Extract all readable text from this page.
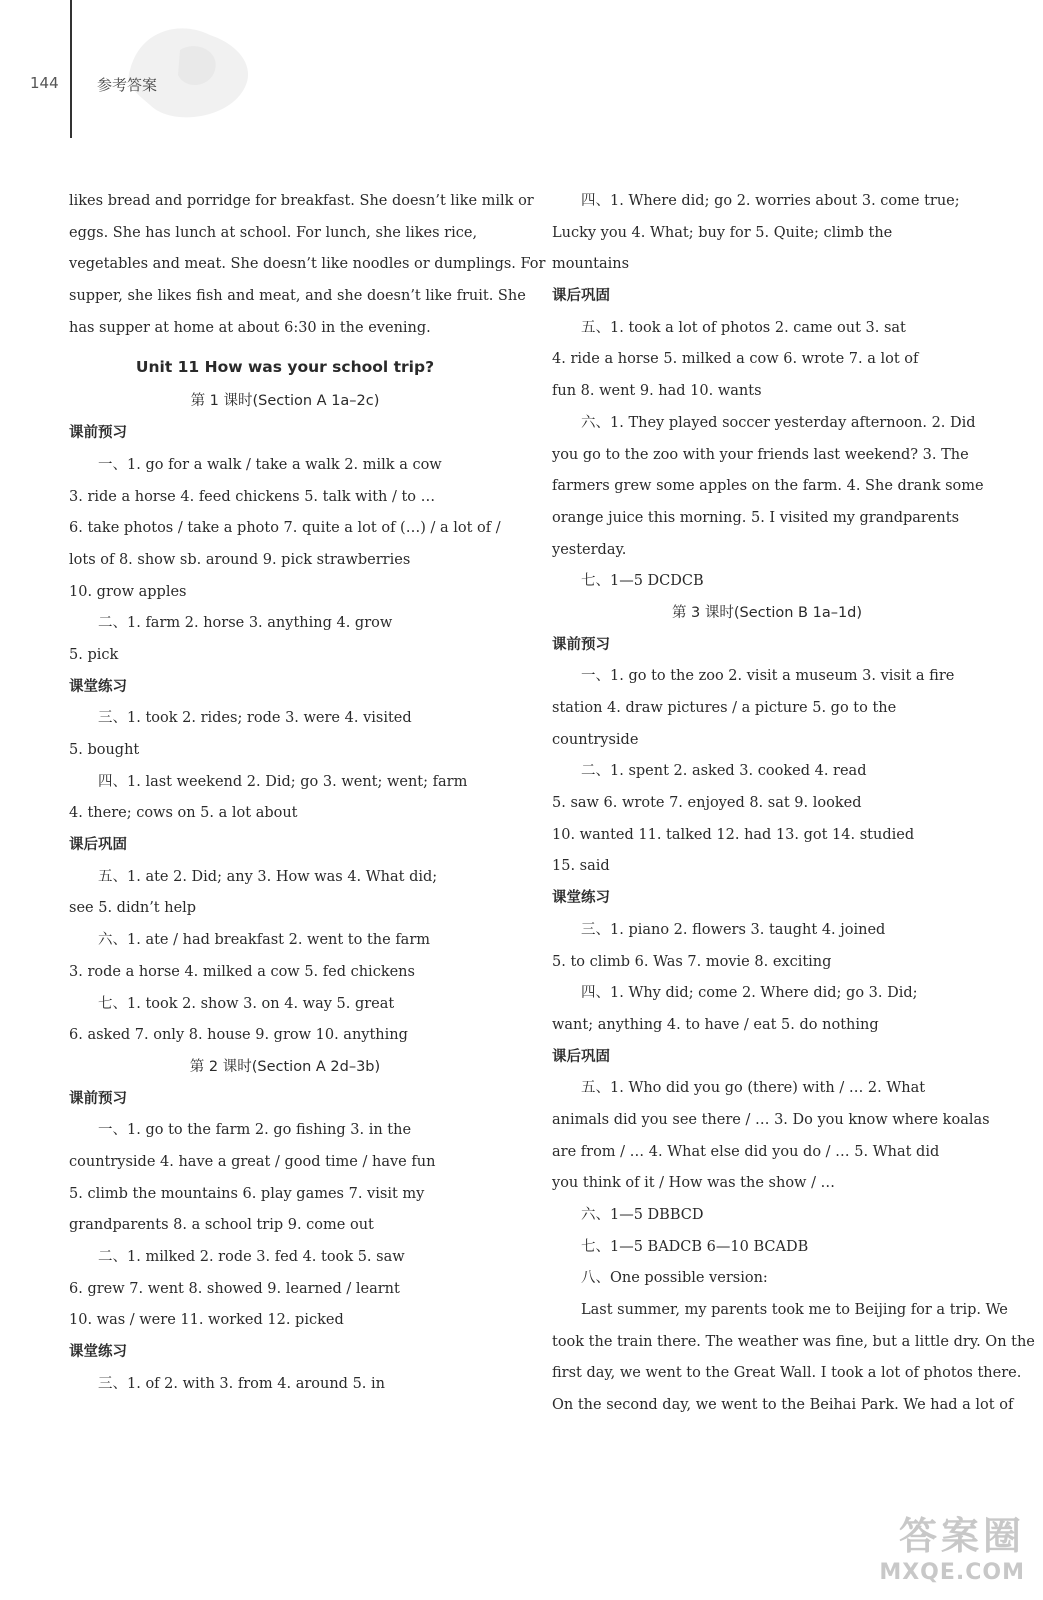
144	参考答案
likes bread and porridge for breakfast. She doesn’t like milk or
eggs. She has lunch at school. For lunch, she likes rice,
vegetables and meat. She doesn’t like noodles or dumplings. For
supper, she likes fish and meat, and she doesn’t like fruit. She
has supper at home at about 6:30 in the evening.
Unit 11 How was your school trip?
第 1 课时(Section A 1a–2c)
课前预习
一、1. go for a walk / take a walk 2. milk a cow
3. ride a horse 4. feed chickens 5. talk with / to …
6. take photos / take a photo 7. quite a lot of (…) / a lot of /
lots of 8. show sb. around 9. pick strawberries
10. grow apples
二、1. farm 2. horse 3. anything 4. grow
5. pick
课堂练习
三、1. took 2. rides; rode 3. were 4. visited
5. bought
四、1. last weekend 2. Did; go 3. went; went; farm
4. there; cows on 5. a lot about
课后巩固
五、1. ate 2. Did; any 3. How was 4. What did;
see 5. didn’t help
六、1. ate / had breakfast 2. went to the farm
3. rode a horse 4. milked a cow 5. fed chickens
七、1. took 2. show 3. on 4. way 5. great
6. asked 7. only 8. house 9. grow 10. anything
第 2 课时(Section A 2d–3b)
课前预习
一、1. go to the farm 2. go fishing 3. in the
countryside 4. have a great / good time / have fun
5. climb the mountains 6. play games 7. visit my
grandparents 8. a school trip 9. come out
二、1. milked 2. rode 3. fed 4. took 5. saw
6. grew 7. went 8. showed 9. learned / learnt
10. was / were 11. worked 12. picked
课堂练习
三、1. of 2. with 3. from 4. around 5. in
四、1. Where did; go 2. worries about 3. come true;
Lucky you 4. What; buy for 5. Quite; climb the
mountains
课后巩固
五、1. took a lot of photos 2. came out 3. sat
4. ride a horse 5. milked a cow 6. wrote 7. a lot of
fun 8. went 9. had 10. wants
六、1. They played soccer yesterday afternoon. 2. Did
you go to the zoo with your friends last weekend? 3. The
farmers grew some apples on the farm. 4. She drank some
orange juice this morning. 5. I visited my grandparents
yesterday.
七、1—5 DCDCB
第 3 课时(Section B 1a–1d)
课前预习
一、1. go to the zoo 2. visit a museum 3. visit a fire
station 4. draw pictures / a picture 5. go to the
countryside
二、1. spent 2. asked 3. cooked 4. read
5. saw 6. wrote 7. enjoyed 8. sat 9. looked
10. wanted 11. talked 12. had 13. got 14. studied
15. said
课堂练习
三、1. piano 2. flowers 3. taught 4. joined
5. to climb 6. Was 7. movie 8. exciting
四、1. Why did; come 2. Where did; go 3. Did;
want; anything 4. to have / eat 5. do nothing
课后巩固
五、1. Who did you go (there) with / … 2. What
animals did you see there / … 3. Do you know where koalas
are from / … 4. What else did you do / … 5. What did
you think of it / How was the show / …
六、1—5 DBBCD
七、1—5 BADCB 6—10 BCADB
八、One possible version:
Last summer, my parents took me to Beijing for a trip. We
took the train there. The weather was fine, but a little dry. On the
first day, we went to the Great Wall. I took a lot of photos there.
On the second day, we went to the Beihai Park. We had a lot of
答案圈
MXQE.COM
